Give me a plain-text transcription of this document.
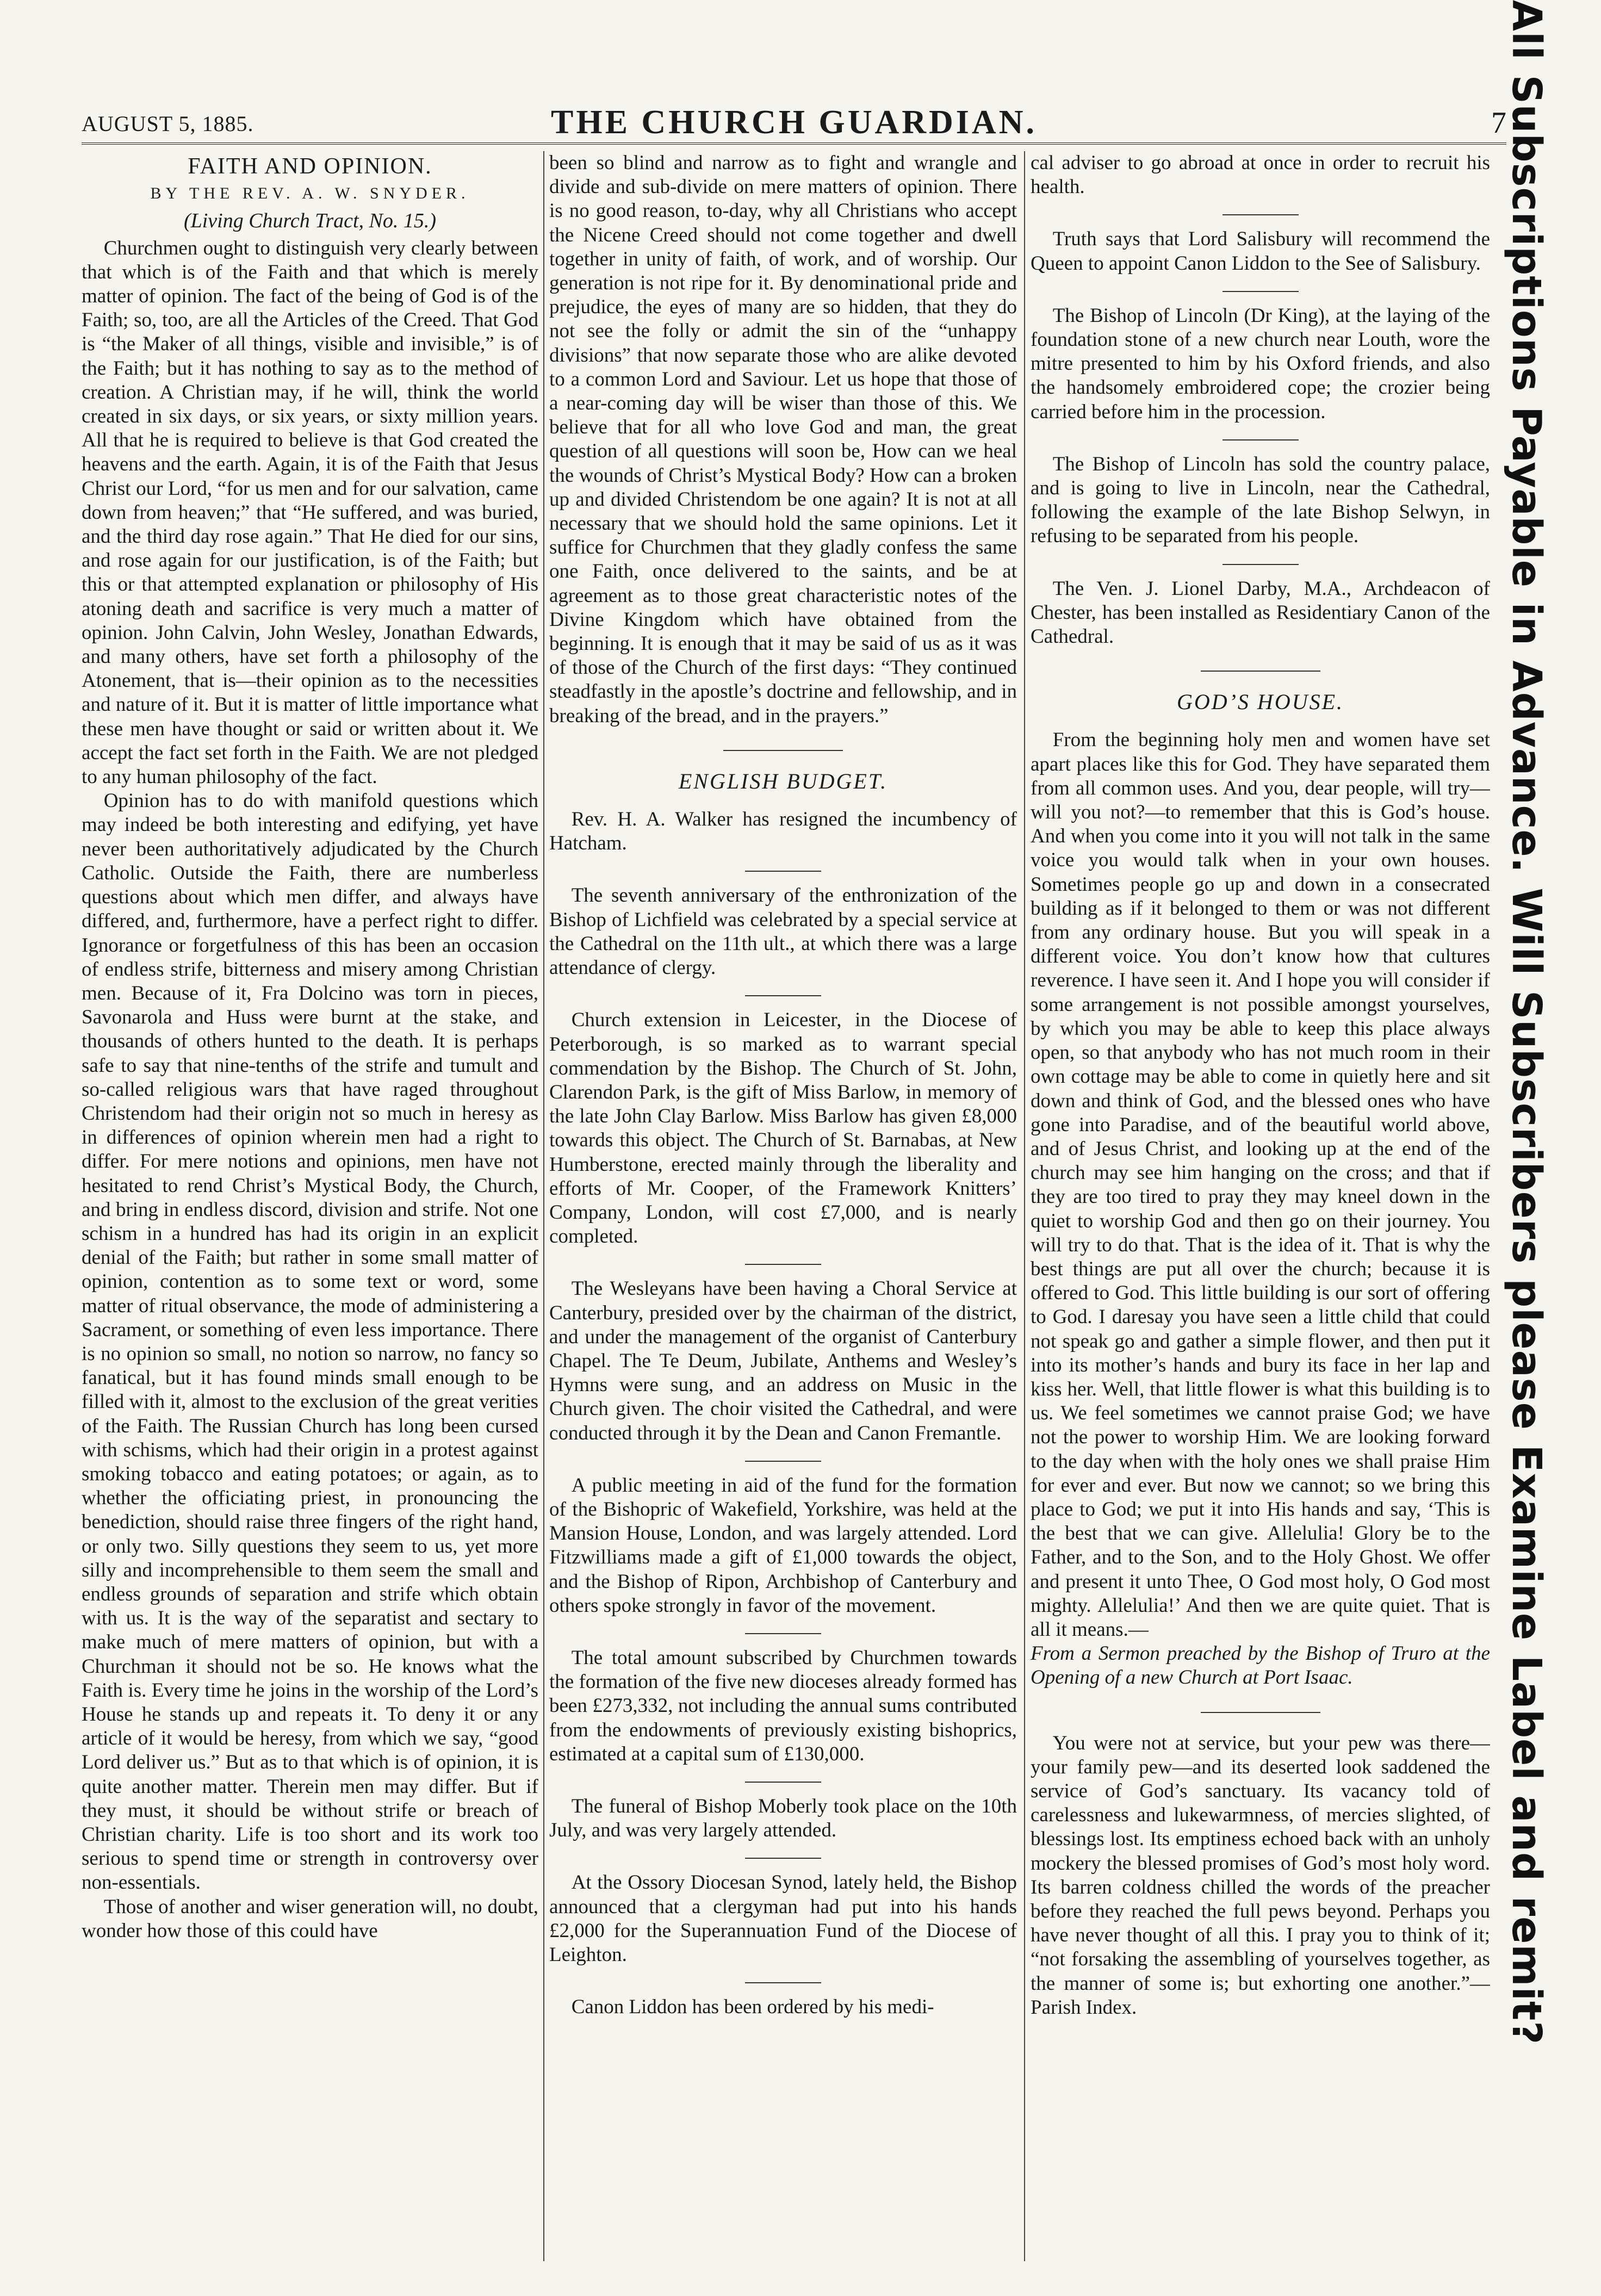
AUGUST 5, 1885.	THE CHURCH GUARDIAN.	7
FAITH AND OPINION.
BY THE REV. A. W. SNYDER.
(Living Church Tract, No. 15.)

Churchmen ought to distinguish very clearly between that which is of the Faith and that which is merely matter of opinion. The fact of the being of God is of the Faith; so, too, are all the Articles of the Creed. That God is “the Maker of all things, visible and invisible,” is of the Faith; but it has nothing to say as to the method of creation. A Christian may, if he will, think the world created in six days, or six years, or sixty million years. All that he is required to believe is that God created the heavens and the earth. Again, it is of the Faith that Jesus Christ our Lord, “for us men and for our salvation, came down from heaven;” that “He suffered, and was buried, and the third day rose again.” That He died for our sins, and rose again for our justification, is of the Faith; but this or that attempted explanation or philosophy of His atoning death and sacrifice is very much a matter of opinion. John Calvin, John Wesley, Jonathan Edwards, and many others, have set forth a philosophy of the Atonement, that is—their opinion as to the necessities and nature of it. But it is matter of little importance what these men have thought or said or written about it. We accept the fact set forth in the Faith. We are not pledged to any human philosophy of the fact.

Opinion has to do with manifold questions which may indeed be both interesting and edifying, yet have never been authoritatively adjudicated by the Church Catholic. Outside the Faith, there are numberless questions about which men differ, and always have differed, and, furthermore, have a perfect right to differ. Ignorance or forgetfulness of this has been an occasion of endless strife, bitterness and misery among Christian men. Because of it, Fra Dolcino was torn in pieces, Savonarola and Huss were burnt at the stake, and thousands of others hunted to the death. It is perhaps safe to say that nine-tenths of the strife and tumult and so-called religious wars that have raged throughout Christendom had their origin not so much in heresy as in differences of opinion wherein men had a right to differ. For mere notions and opinions, men have not hesitated to rend Christ’s Mystical Body, the Church, and bring in endless discord, division and strife. Not one schism in a hundred has had its origin in an explicit denial of the Faith; but rather in some small matter of opinion, contention as to some text or word, some matter of ritual observance, the mode of administering a Sacrament, or something of even less importance. There is no opinion so small, no notion so narrow, no fancy so fanatical, but it has found minds small enough to be filled with it, almost to the exclusion of the great verities of the Faith. The Russian Church has long been cursed with schisms, which had their origin in a protest against smoking tobacco and eating potatoes; or again, as to whether the officiating priest, in pronouncing the benediction, should raise three fingers of the right hand, or only two. Silly questions they seem to us, yet more silly and incomprehensible to them seem the small and endless grounds of separation and strife which obtain with us. It is the way of the separatist and sectary to make much of mere matters of opinion, but with a Churchman it should not be so. He knows what the Faith is. Every time he joins in the worship of the Lord’s House he stands up and repeats it. To deny it or any article of it would be heresy, from which we say, “good Lord deliver us.” But as to that which is of opinion, it is quite another matter. Therein men may differ. But if they must, it should be without strife or breach of Christian charity. Life is too short and its work too serious to spend time or strength in controversy over non-essentials.

Those of another and wiser generation will, no doubt, wonder how those of this could have

been so blind and narrow as to fight and wrangle and divide and sub-divide on mere matters of opinion. There is no good reason, to-day, why all Christians who accept the Nicene Creed should not come together and dwell together in unity of faith, of work, and of worship. Our generation is not ripe for it. By denominational pride and prejudice, the eyes of many are so hidden, that they do not see the folly or admit the sin of the “unhappy divisions” that now separate those who are alike devoted to a common Lord and Saviour. Let us hope that those of a near-coming day will be wiser than those of this. We believe that for all who love God and man, the great question of all questions will soon be, How can we heal the wounds of Christ’s Mystical Body? How can a broken up and divided Christendom be one again? It is not at all necessary that we should hold the same opinions. Let it suffice for Churchmen that they gladly confess the same one Faith, once delivered to the saints, and be at agreement as to those great characteristic notes of the Divine Kingdom which have obtained from the beginning. It is enough that it may be said of us as it was of those of the Church of the first days: “They continued steadfastly in the apostle’s doctrine and fellowship, and in breaking of the bread, and in the prayers.”

ENGLISH BUDGET.

Rev. H. A. Walker has resigned the incumbency of Hatcham.

The seventh anniversary of the enthronization of the Bishop of Lichfield was celebrated by a special service at the Cathedral on the 11th ult., at which there was a large attendance of clergy.

Church extension in Leicester, in the Diocese of Peterborough, is so marked as to warrant special commendation by the Bishop. The Church of St. John, Clarendon Park, is the gift of Miss Barlow, in memory of the late John Clay Barlow. Miss Barlow has given £8,000 towards this object. The Church of St. Barnabas, at New Humberstone, erected mainly through the liberality and efforts of Mr. Cooper, of the Framework Knitters’ Company, London, will cost £7,000, and is nearly completed.

The Wesleyans have been having a Choral Service at Canterbury, presided over by the chairman of the district, and under the management of the organist of Canterbury Chapel. The Te Deum, Jubilate, Anthems and Wesley’s Hymns were sung, and an address on Music in the Church given. The choir visited the Cathedral, and were conducted through it by the Dean and Canon Fremantle.

A public meeting in aid of the fund for the formation of the Bishopric of Wakefield, Yorkshire, was held at the Mansion House, London, and was largely attended. Lord Fitzwilliams made a gift of £1,000 towards the object, and the Bishop of Ripon, Archbishop of Canterbury and others spoke strongly in favor of the movement.

The total amount subscribed by Churchmen towards the formation of the five new dioceses already formed has been £273,332, not including the annual sums contributed from the endowments of previously existing bishoprics, estimated at a capital sum of £130,000.

The funeral of Bishop Moberly took place on the 10th July, and was very largely attended.

At the Ossory Diocesan Synod, lately held, the Bishop announced that a clergyman had put into his hands £2,000 for the Superannuation Fund of the Diocese of Leighton.

Canon Liddon has been ordered by his medi-

cal adviser to go abroad at once in order to recruit his health.

Truth says that Lord Salisbury will recommend the Queen to appoint Canon Liddon to the See of Salisbury.

The Bishop of Lincoln (Dr King), at the laying of the foundation stone of a new church near Louth, wore the mitre presented to him by his Oxford friends, and also the handsomely embroidered cope; the crozier being carried before him in the procession.

The Bishop of Lincoln has sold the country palace, and is going to live in Lincoln, near the Cathedral, following the example of the late Bishop Selwyn, in refusing to be separated from his people.

The Ven. J. Lionel Darby, M.A., Archdeacon of Chester, has been installed as Residentiary Canon of the Cathedral.

GOD’S HOUSE.

From the beginning holy men and women have set apart places like this for God. They have separated them from all common uses. And you, dear people, will try—will you not?—to remember that this is God’s house. And when you come into it you will not talk in the same voice you would talk when in your own houses. Sometimes people go up and down in a consecrated building as if it belonged to them or was not different from any ordinary house. But you will speak in a different voice. You don’t know how that cultures reverence. I have seen it. And I hope you will consider if some arrangement is not possible amongst yourselves, by which you may be able to keep this place always open, so that anybody who has not much room in their own cottage may be able to come in quietly here and sit down and think of God, and the blessed ones who have gone into Paradise, and of the beautiful world above, and of Jesus Christ, and looking up at the end of the church may see him hanging on the cross; and that if they are too tired to pray they may kneel down in the quiet to worship God and then go on their journey. You will try to do that. That is the idea of it. That is why the best things are put all over the church; because it is offered to God. This little building is our sort of offering to God. I daresay you have seen a little child that could not speak go and gather a simple flower, and then put it into its mother’s hands and bury its face in her lap and kiss her. Well, that little flower is what this building is to us. We feel sometimes we cannot praise God; we have not the power to worship Him. We are looking forward to the day when with the holy ones we shall praise Him for ever and ever. But now we cannot; so we bring this place to God; we put it into His hands and say, ‘This is the best that we can give. Allelulia! Glory be to the Father, and to the Son, and to the Holy Ghost. We offer and present it unto Thee, O God most holy, O God most mighty. Allelulia!’ And then we are quite quiet. That is all it means.—

From a Sermon preached by the Bishop of Truro at the Opening of a new Church at Port Isaac.

You were not at service, but your pew was there—your family pew—and its deserted look saddened the service of God’s sanctuary. Its vacancy told of carelessness and lukewarmness, of mercies slighted, of blessings lost. Its emptiness echoed back with an unholy mockery the blessed promises of God’s most holy word. Its barren coldness chilled the words of the preacher before they reached the full pews beyond. Perhaps you have never thought of all this. I pray you to think of it; “not forsaking the assembling of yourselves together, as the manner of some is; but exhorting one another.”—Parish Index.	All Subscriptions Payable in Advance. Will Subscribers please Examine Label and remit?
